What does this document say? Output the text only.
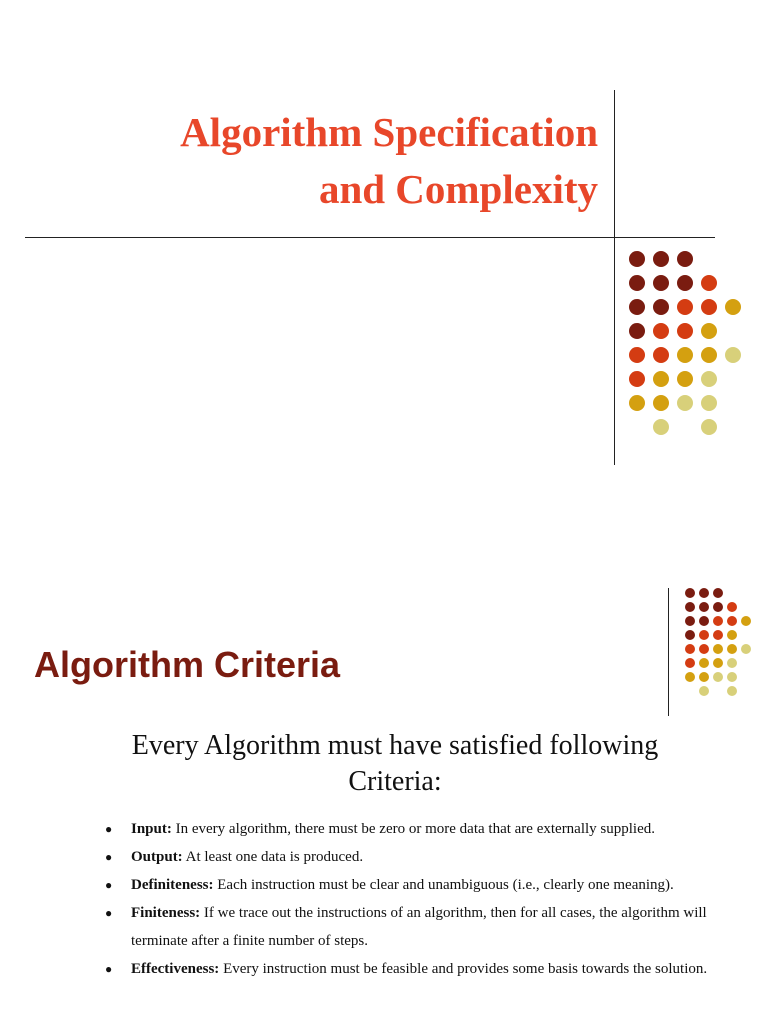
Algorithm Specification
and Complexity
Algorithm Criteria

Every Algorithm must have satisfied following
Criteria:

● Input: In every algorithm, there must be zero or more data that are externally supplied.
● Output: At least one data is produced.
● Definiteness: Each instruction must be clear and unambiguous (i.e., clearly one meaning).
● Finiteness: If we trace out the instructions of an algorithm, then for all cases, the algorithm will
terminate after a finite number of steps.
● Effectiveness: Every instruction must be feasible and provides some basis towards the solution.
